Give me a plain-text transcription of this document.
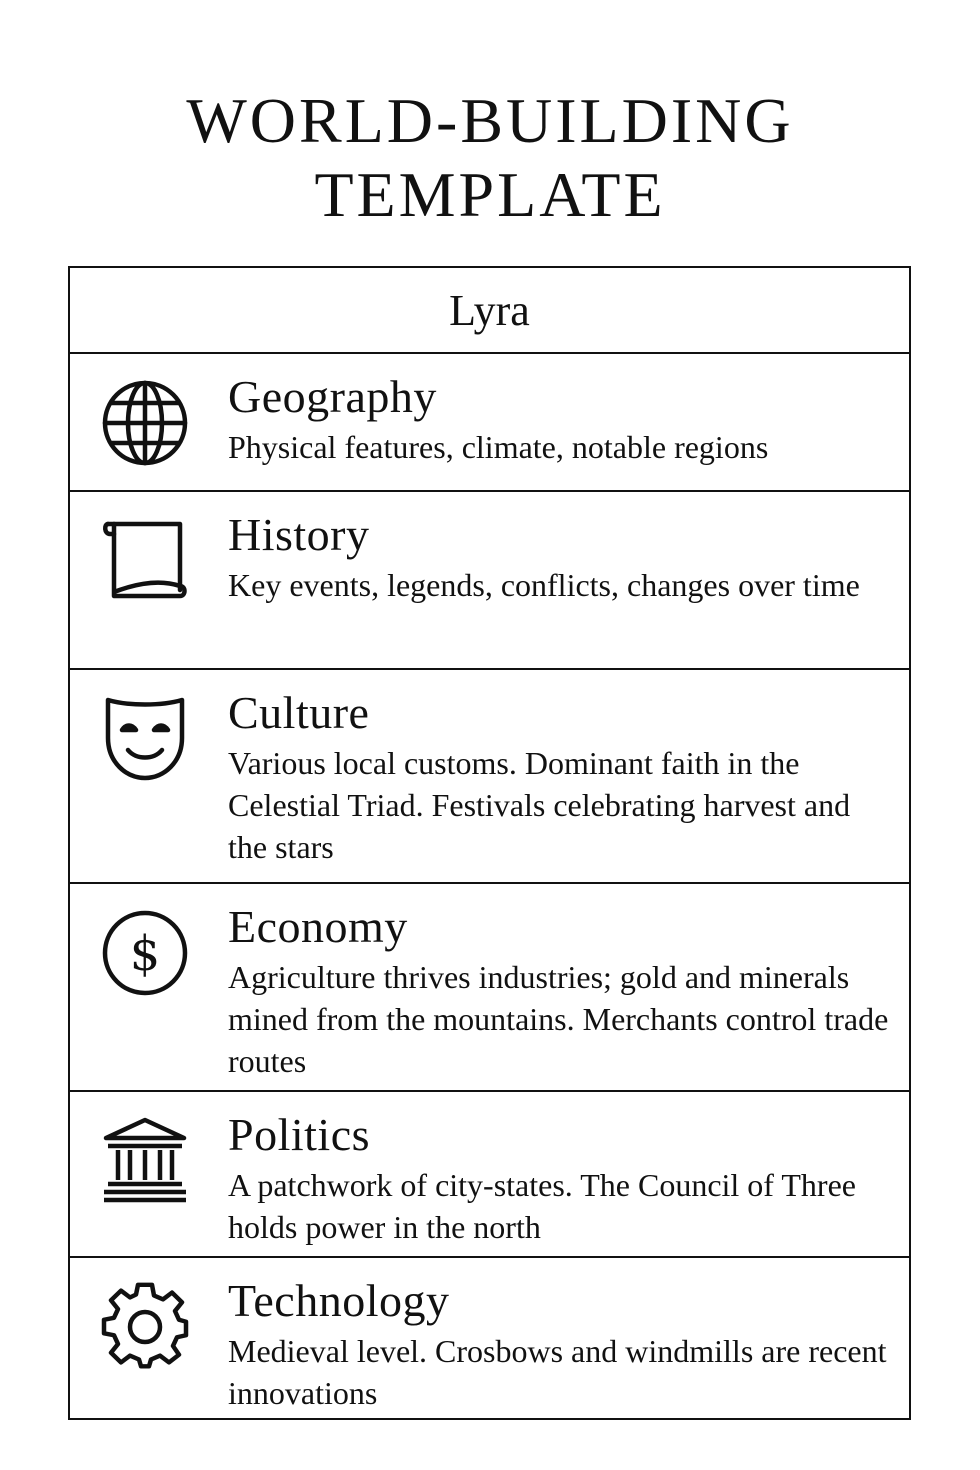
WORLD-BUILDING
TEMPLATE
Lyra
Geography
Physical features, climate, notable regions
History
Key events, legends, conflicts, changes over time
Culture
Various local customs. Dominant faith in the Celestial Triad. Festivals celebrating harvest and the stars
$ Economy
Agriculture thrives industries; gold and minerals mined from the mountains. Merchants control trade routes
Politics
A patchwork of city-states. The Council of Three holds power in the north
Technology
Medieval level. Crosbows and windmills are recent innovations
